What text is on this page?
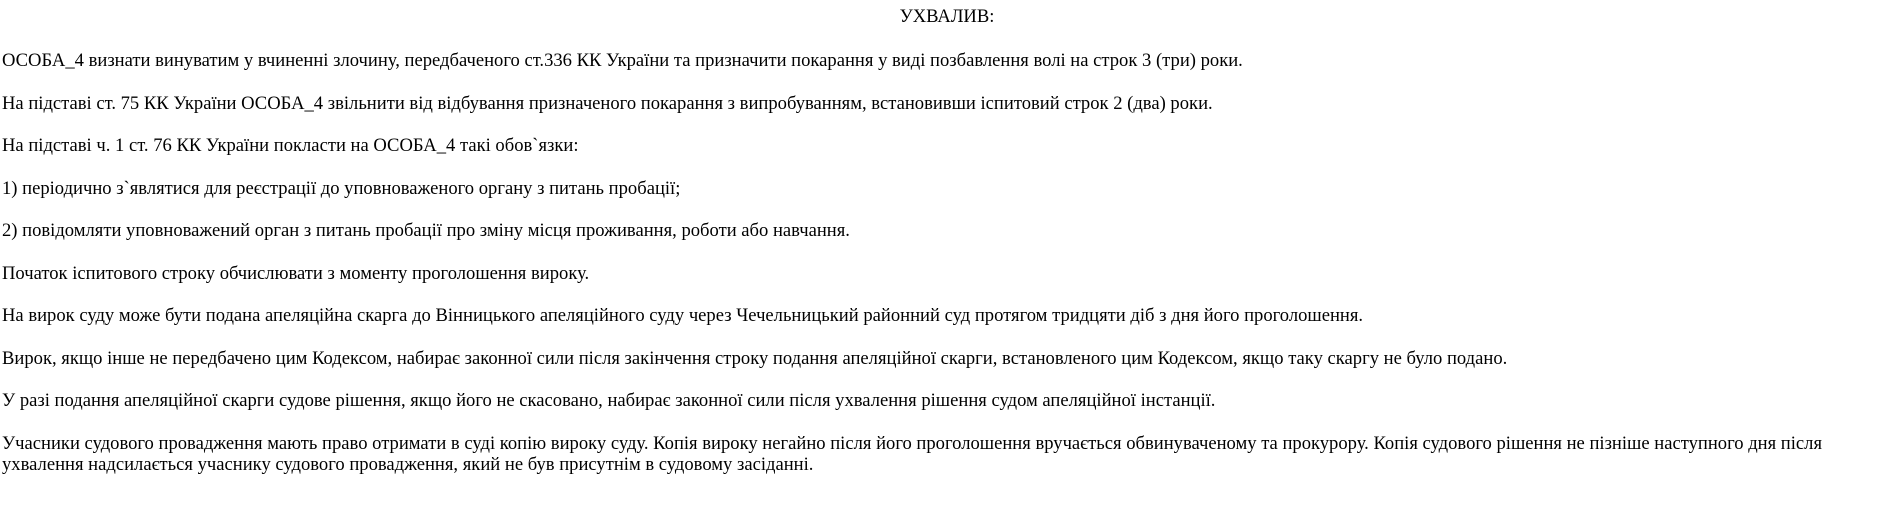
УХВАЛИВ:

ОСОБА_4 визнати винуватим у вчиненні злочину, передбаченого ст.336 КК України та призначити покарання у виді позбавлення волі на строк 3 (три) роки.

На підставі ст. 75 КК України ОСОБА_4 звільнити від відбування призначеного покарання з випробуванням, встановивши іспитовий строк 2 (два) роки.

На підставі ч. 1 ст. 76 КК України покласти на ОСОБА_4 такі обов`язки:

1) періодично з`являтися для реєстрації до уповноваженого органу з питань пробації;

2) повідомляти уповноважений орган з питань пробації про зміну місця проживання, роботи або навчання.

Початок іспитового строку обчислювати з моменту проголошення вироку.

На вирок суду може бути подана апеляційна скарга до Вінницького апеляційного суду через Чечельницький районний суд протягом тридцяти діб з дня його проголошення.

Вирок, якщо інше не передбачено цим Кодексом, набирає законної сили після закінчення строку подання апеляційної скарги, встановленого цим Кодексом, якщо таку скаргу не було подано.

У разі подання апеляційної скарги судове рішення, якщо його не скасовано, набирає законної сили після ухвалення рішення судом апеляційної інстанції.

Учасники судового провадження мають право отримати в суді копію вироку суду. Копія вироку негайно після його проголошення вручається обвинуваченому та прокурору. Копія судового рішення не пізніше наступного дня після ухвалення надсилається учаснику судового провадження, який не був присутнім в судовому засіданні.
